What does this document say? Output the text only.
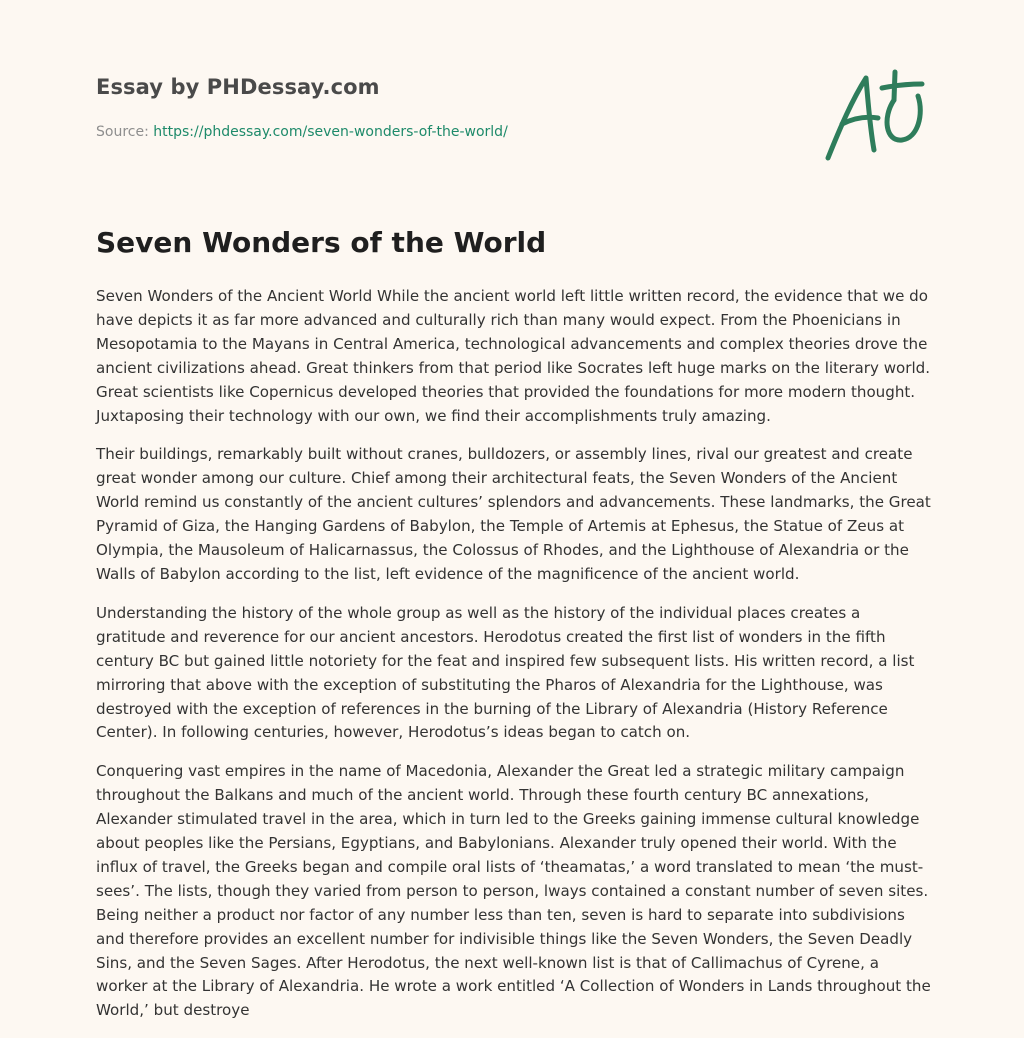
Essay by PHDessay.com
Source: https://phdessay.com/seven-wonders-of-the-world/
Seven Wonders of the World

Seven Wonders of the Ancient World While the ancient world left little written record, the evidence that we do have depicts it as far more advanced and culturally rich than many would expect. From the Phoenicians in Mesopotamia to the Mayans in Central America, technological advancements and complex theories drove the ancient civilizations ahead. Great thinkers from that period like Socrates left huge marks on the literary world. Great scientists like Copernicus developed theories that provided the foundations for more modern thought. Juxtaposing their technology with our own, we find their accomplishments truly amazing.

Their buildings, remarkably built without cranes, bulldozers, or assembly lines, rival our greatest and create great wonder among our culture. Chief among their architectural feats, the Seven Wonders of the Ancient World remind us constantly of the ancient cultures’ splendors and advancements. These landmarks, the Great Pyramid of Giza, the Hanging Gardens of Babylon, the Temple of Artemis at Ephesus, the Statue of Zeus at Olympia, the Mausoleum of Halicarnassus, the Colossus of Rhodes, and the Lighthouse of Alexandria or the Walls of Babylon according to the list, left evidence of the magnificence of the ancient world.

Understanding the history of the whole group as well as the history of the individual places creates a gratitude and reverence for our ancient ancestors. Herodotus created the first list of wonders in the fifth century BC but gained little notoriety for the feat and inspired few subsequent lists. His written record, a list mirroring that above with the exception of substituting the Pharos of Alexandria for the Lighthouse, was destroyed with the exception of references in the burning of the Library of Alexandria (History Reference Center). In following centuries, however, Herodotus’s ideas began to catch on.

Conquering vast empires in the name of Macedonia, Alexander the Great led a strategic military campaign throughout the Balkans and much of the ancient world. Through these fourth century BC annexations, Alexander stimulated travel in the area, which in turn led to the Greeks gaining immense cultural knowledge about peoples like the Persians, Egyptians, and Babylonians. Alexander truly opened their world. With the influx of travel, the Greeks began and compile oral lists of ‘theamatas,’ a word translated to mean ‘the must-sees’. The lists, though they varied from person to person, lways contained a constant number of seven sites. Being neither a product nor factor of any number less than ten, seven is hard to separate into subdivisions and therefore provides an excellent number for indivisible things like the Seven Wonders, the Seven Deadly Sins, and the Seven Sages. After Herodotus, the next well-known list is that of Callimachus of Cyrene, a worker at the Library of Alexandria. He wrote a work entitled ‘A Collection of Wonders in Lands throughout the World,’ but destroye
